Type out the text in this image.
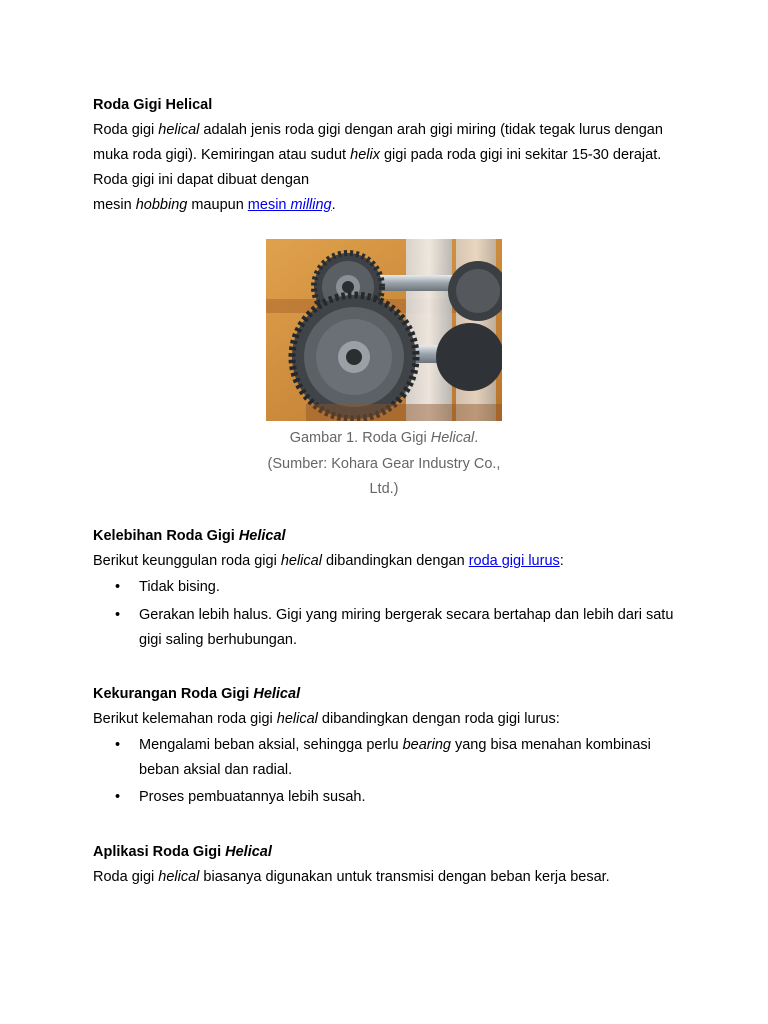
Roda Gigi Helical
Roda gigi helical adalah jenis roda gigi dengan arah gigi miring (tidak tegak lurus dengan muka roda gigi). Kemiringan atau sudut helix gigi pada roda gigi ini sekitar 15-30 derajat. Roda gigi ini dapat dibuat dengan
mesin hobbing maupun mesin milling.
Gambar 1. Roda Gigi Helical.
(Sumber: Kohara Gear Industry Co.,
Ltd.)
Kelebihan Roda Gigi Helical
Berikut keunggulan roda gigi helical dibandingkan dengan roda gigi lurus:
• Tidak bising.
• Gerakan lebih halus. Gigi yang miring bergerak secara bertahap dan lebih dari satu gigi saling berhubungan.
Kekurangan Roda Gigi Helical
Berikut kelemahan roda gigi helical dibandingkan dengan roda gigi lurus:
• Mengalami beban aksial, sehingga perlu bearing yang bisa menahan kombinasi beban aksial dan radial.
• Proses pembuatannya lebih susah.
Aplikasi Roda Gigi Helical
Roda gigi helical biasanya digunakan untuk transmisi dengan beban kerja besar.
